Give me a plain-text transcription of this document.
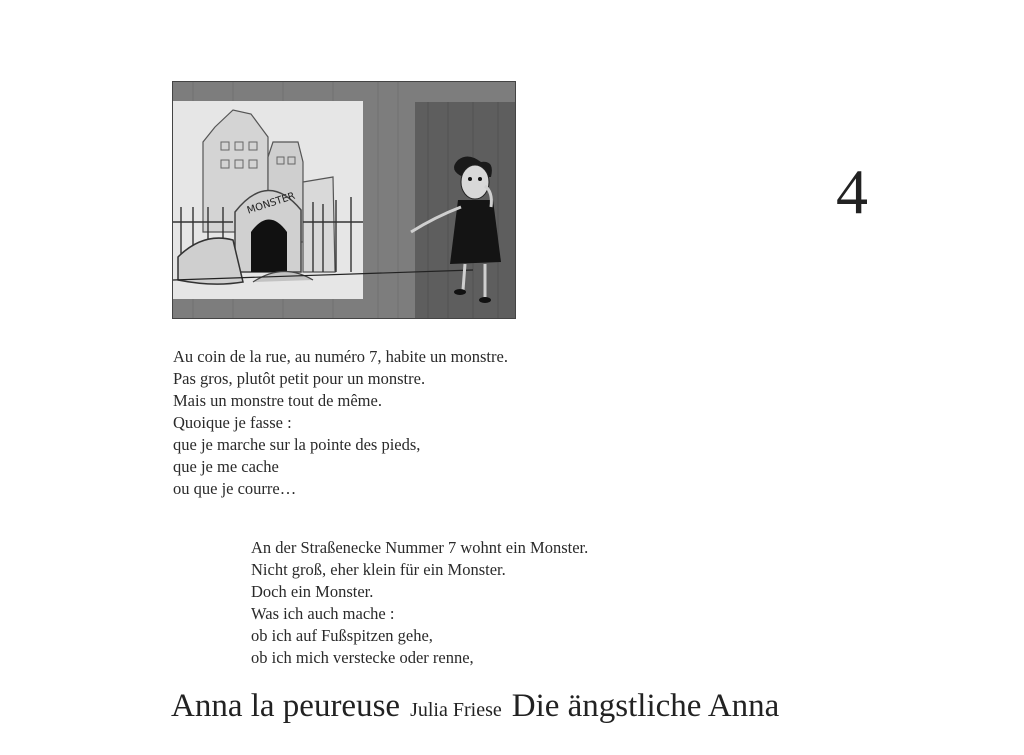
MONSTER	4
Au coin de la rue, au numéro 7, habite un monstre.
Pas gros, plutôt petit pour un monstre.
Mais un monstre tout de même.
Quoique je fasse :
que je marche sur la pointe des pieds,
que je me cache
ou que je courre…
An der Straßenecke Nummer 7 wohnt ein Monster.
Nicht groß, eher klein für ein Monster.
Doch ein Monster.
Was ich auch mache :
ob ich auf Fußspitzen gehe,
ob ich mich verstecke oder renne,
Anna la peureuse Julia Friese Die ängstliche Anna
